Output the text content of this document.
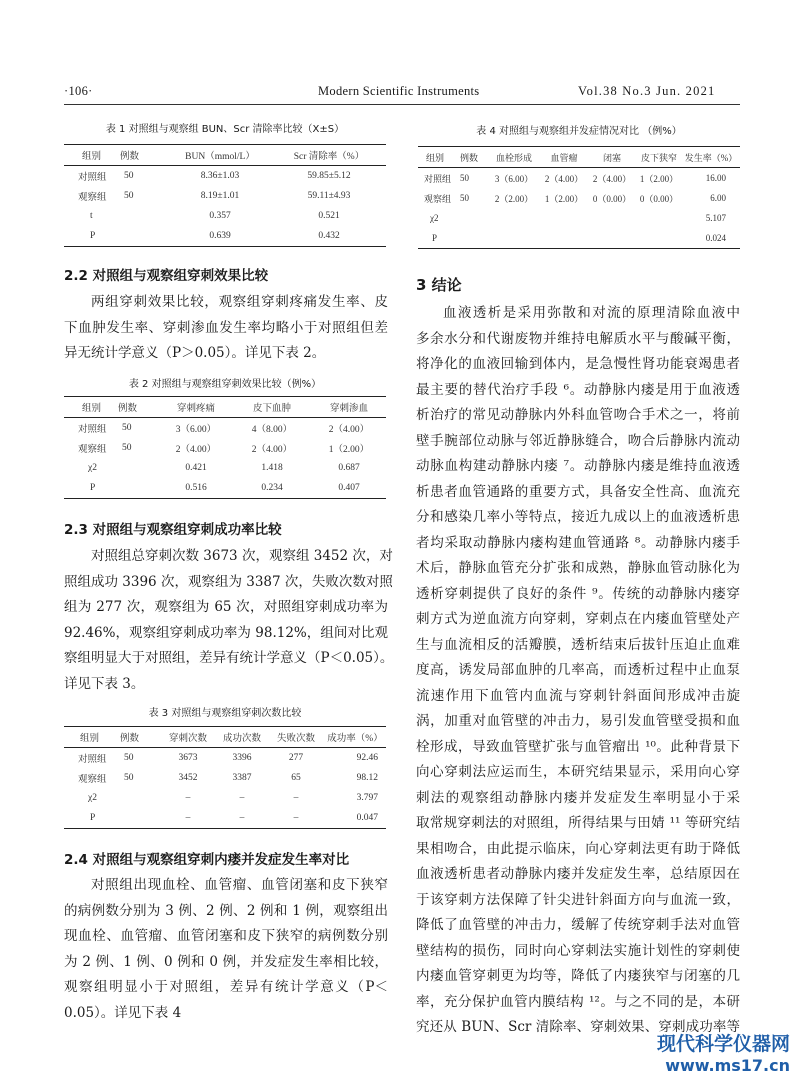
·106·	Modern Scientific Instruments	Vol.38 No.3 Jun. 2021
表 1 对照组与观察组 BUN、Scr 清除率比较（X±S）
组别	例数	BUN（mmol/L）	Scr 清除率（%）
对照组	50	8.36±1.03	59.85±5.12
观察组	50	8.19±1.01	59.11±4.93
t		0.357	0.521
P		0.639	0.432
2.2 对照组与观察组穿刺效果比较
两组穿刺效果比较，观察组穿刺疼痛发生率、皮
下血肿发生率、穿刺渗血发生率均略小于对照组但差
异无统计学意义（P＞0.05）。详见下表 2。
表 2 对照组与观察组穿刺效果比较（例%）
组别	例数	穿刺疼痛	皮下血肿	穿刺渗血
对照组	50	3（6.00）	4（8.00）	2（4.00）
观察组	50	2（4.00）	2（4.00）	1（2.00）
χ2		0.421	1.418	0.687
P		0.516	0.234	0.407
2.3 对照组与观察组穿刺成功率比较
对照组总穿刺次数 3673 次，观察组 3452 次，对
照组成功 3396 次，观察组为 3387 次，失败次数对照
组为 277 次，观察组为 65 次，对照组穿刺成功率为
92.46%，观察组穿刺成功率为 98.12%，组间对比观
察组明显大于对照组，差异有统计学意义（P＜0.05）。
详见下表 3。
表 3 对照组与观察组穿刺次数比较
组别	例数	穿刺次数	成功次数	失败次数	成功率（%）
对照组	50	3673	3396	277	92.46
观察组	50	3452	3387	65	98.12
χ2		–	–	–	3.797
P		–	–	–	0.047
2.4 对照组与观察组穿刺内瘘并发症发生率对比
对照组出现血栓、血管瘤、血管闭塞和皮下狭窄
的病例数分别为 3 例、2 例、2 例和 1 例，观察组出
现血栓、血管瘤、血管闭塞和皮下狭窄的病例数分别
为 2 例、1 例、0 例和 0 例，并发症发生率相比较，
观察组明显小于对照组，差异有统计学意义（P＜
0.05）。详见下表 4
表 4 对照组与观察组并发症情况对比 （例%）
组别	例数	血栓形成	血管瘤	闭塞	皮下狭窄	发生率（%）
对照组	50	3（6.00）	2（4.00）	2（4.00）	1（2.00）	16.00
观察组	50	2（2.00）	1（2.00）	0（0.00）	0（0.00）	6.00
χ2						5.107
P						0.024
3 结论
血液透析是采用弥散和对流的原理清除血液中
多余水分和代谢废物并维持电解质水平与酸碱平衡，
将净化的血液回输到体内，是急慢性肾功能衰竭患者
最主要的替代治疗手段 ⁶。动静脉内瘘是用于血液透
析治疗的常见动静脉内外科血管吻合手术之一，将前
壁手腕部位动脉与邻近静脉缝合，吻合后静脉内流动
动脉血构建动静脉内瘘 ⁷。动静脉内瘘是维持血液透
析患者血管通路的重要方式，具备安全性高、血流充
分和感染几率小等特点，接近九成以上的血液透析患
者均采取动静脉内瘘构建血管通路 ⁸。动静脉内瘘手
术后，静脉血管充分扩张和成熟，静脉血管动脉化为
透析穿刺提供了良好的条件 ⁹。传统的动静脉内瘘穿
刺方式为逆血流方向穿刺，穿刺点在内瘘血管壁处产
生与血流相反的活瓣膜，透析结束后拔针压迫止血难
度高，诱发局部血肿的几率高，而透析过程中止血泵
流速作用下血管内血流与穿刺针斜面间形成冲击旋
涡，加重对血管壁的冲击力，易引发血管壁受损和血
栓形成，导致血管壁扩张与血管瘤出 ¹⁰。此种背景下
向心穿刺法应运而生，本研究结果显示，采用向心穿
刺法的观察组动静脉内瘘并发症发生率明显小于采
取常规穿刺法的对照组，所得结果与田婧 ¹¹ 等研究结
果相吻合，由此提示临床，向心穿刺法更有助于降低
血液透析患者动静脉内瘘并发症发生率，总结原因在
于该穿刺方法保障了针尖进针斜面方向与血流一致，
降低了血管壁的冲击力，缓解了传统穿刺手法对血管
壁结构的损伤，同时向心穿刺法实施计划性的穿刺使
内瘘血管穿刺更为均等，降低了内瘘狭窄与闭塞的几
率，充分保护血管内膜结构 ¹²。与之不同的是，本研
究还从 BUN、Scr 清除率、穿刺效果、穿刺成功率等
现代科学仪器网
www.ms17.cn
